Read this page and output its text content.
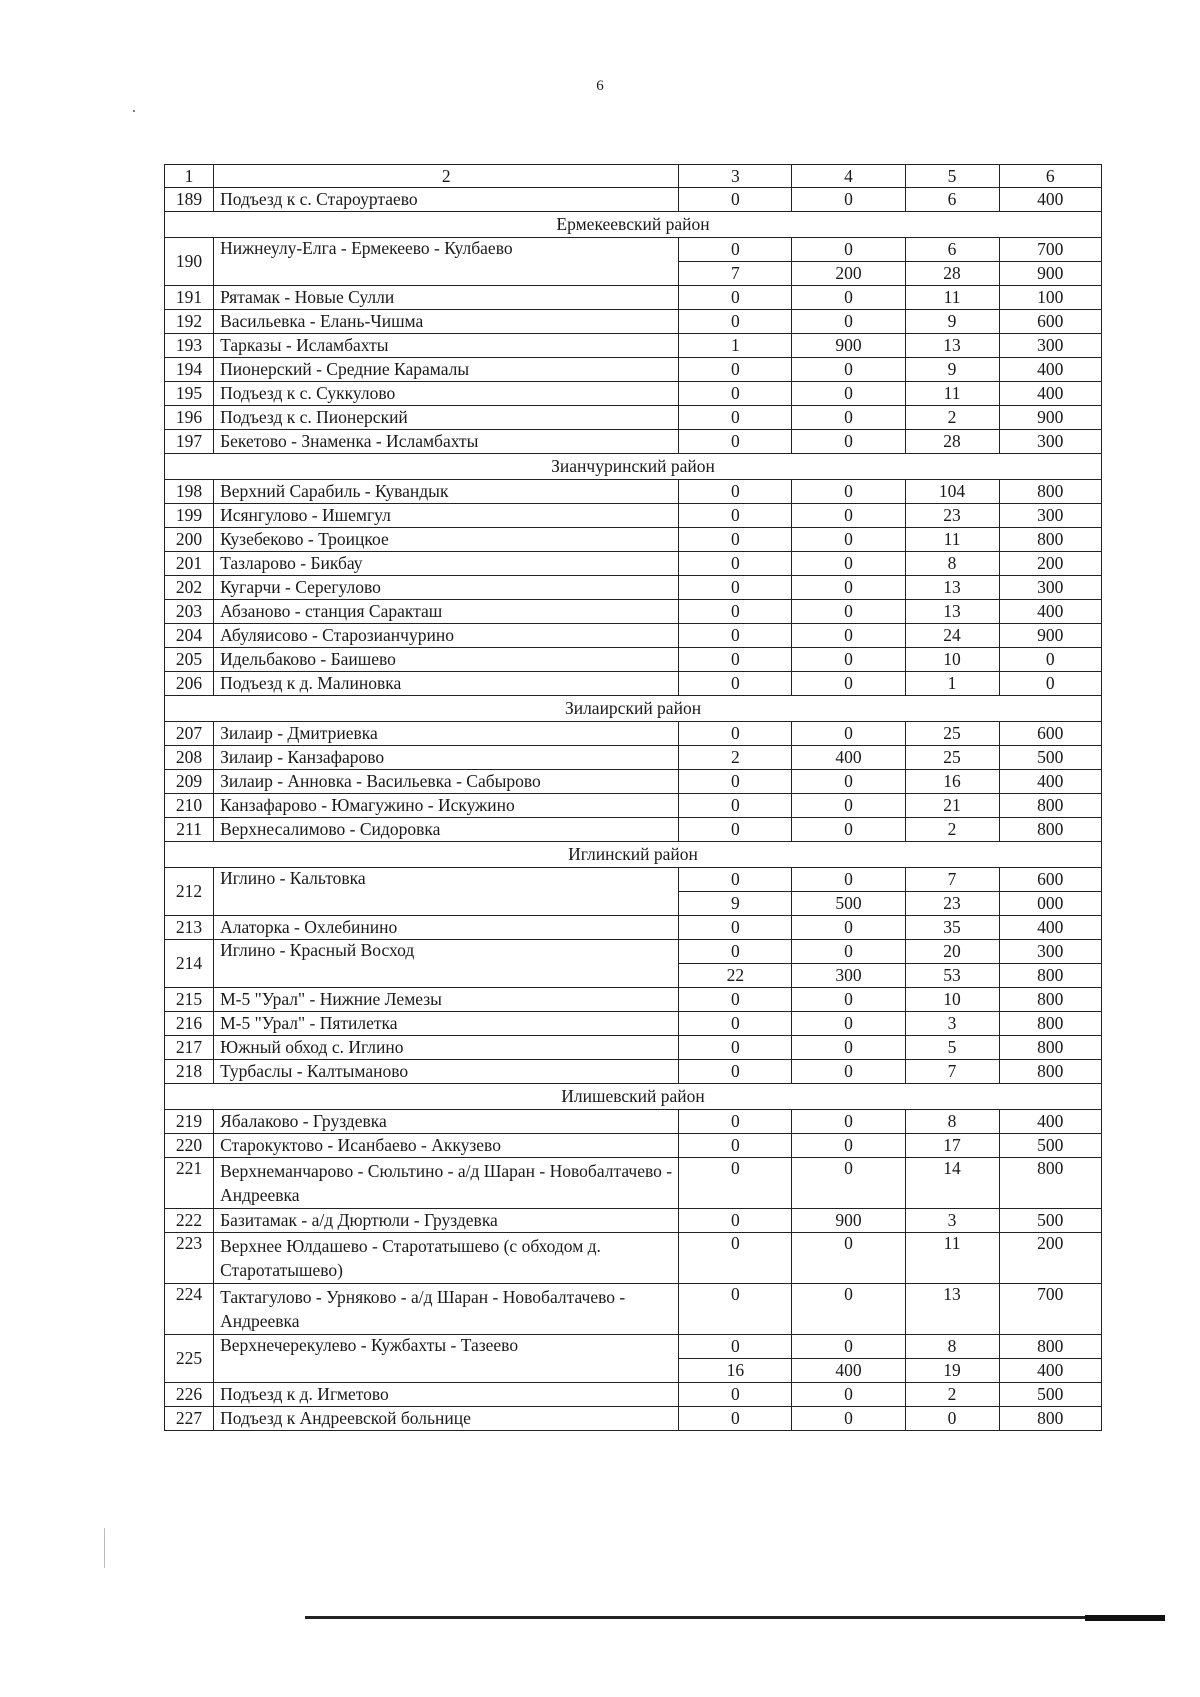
6
1	2	3	4	5	6
189	Подъезд к с. Староуртаево	0	0	6	400
Ермекеевский район					
190	Нижнеулу-Елга - Ермекеево - Кулбаево	0	0	6	700
		7	200	28	900
191	Рятамак - Новые Сулли	0	0	11	100
192	Васильевка - Елань-Чишма	0	0	9	600
193	Тарказы - Исламбахты	1	900	13	300
194	Пионерский - Средние Карамалы	0	0	9	400
195	Подъезд к с. Суккулово	0	0	11	400
196	Подъезд к с. Пионерский	0	0	2	900
197	Бекетово - Знаменка - Исламбахты	0	0	28	300
Зианчуринский район					
198	Верхний Сарабиль - Кувандык	0	0	104	800
199	Исянгулово - Ишемгул	0	0	23	300
200	Кузебеково - Троицкое	0	0	11	800
201	Тазларово - Бикбау	0	0	8	200
202	Кугарчи - Серегулово	0	0	13	300
203	Абзаново - станция Саракташ	0	0	13	400
204	Абуляисово - Старозианчурино	0	0	24	900
205	Идельбаково - Баишево	0	0	10	0
206	Подъезд к д. Малиновка	0	0	1	0
Зилаирский район					
207	Зилаир - Дмитриевка	0	0	25	600
208	Зилаир - Канзафарово	2	400	25	500
209	Зилаир - Анновка - Васильевка - Сабырово	0	0	16	400
210	Канзафарово - Юмагужино - Искужино	0	0	21	800
211	Верхнесалимово - Сидоровка	0	0	2	800
Иглинский район					
212	Иглино - Кальтовка	0	0	7	600
		9	500	23	000
213	Алаторка - Охлебинино	0	0	35	400
214	Иглино - Красный Восход	0	0	20	300
		22	300	53	800
215	М-5 "Урал" - Нижние Лемезы	0	0	10	800
216	М-5 "Урал" - Пятилетка	0	0	3	800
217	Южный обход с. Иглино	0	0	5	800
218	Турбаслы - Калтыманово	0	0	7	800
Илишевский район					
219	Ябалаково - Груздевка	0	0	8	400
220	Старокуктово - Исанбаево - Аккузево	0	0	17	500
221	Верхнеманчарово - Сюльтино - а/д Шаран - Новобалтачево - Андреевка	0	0	14	800
222	Базитамак - а/д Дюртюли - Груздевка	0	900	3	500
223	Верхнее Юлдашево - Старотатышево (с обходом д. Старотатышево)	0	0	11	200
224	Тактагулово - Урняково - а/д Шаран - Новобалтачево - Андреевка	0	0	13	700
225	Верхнечерекулево - Кужбахты - Тазеево	0	0	8	800
		16	400	19	400
226	Подъезд к д. Игметово	0	0	2	500
227	Подъезд к Андреевской больнице	0	0	0	800
